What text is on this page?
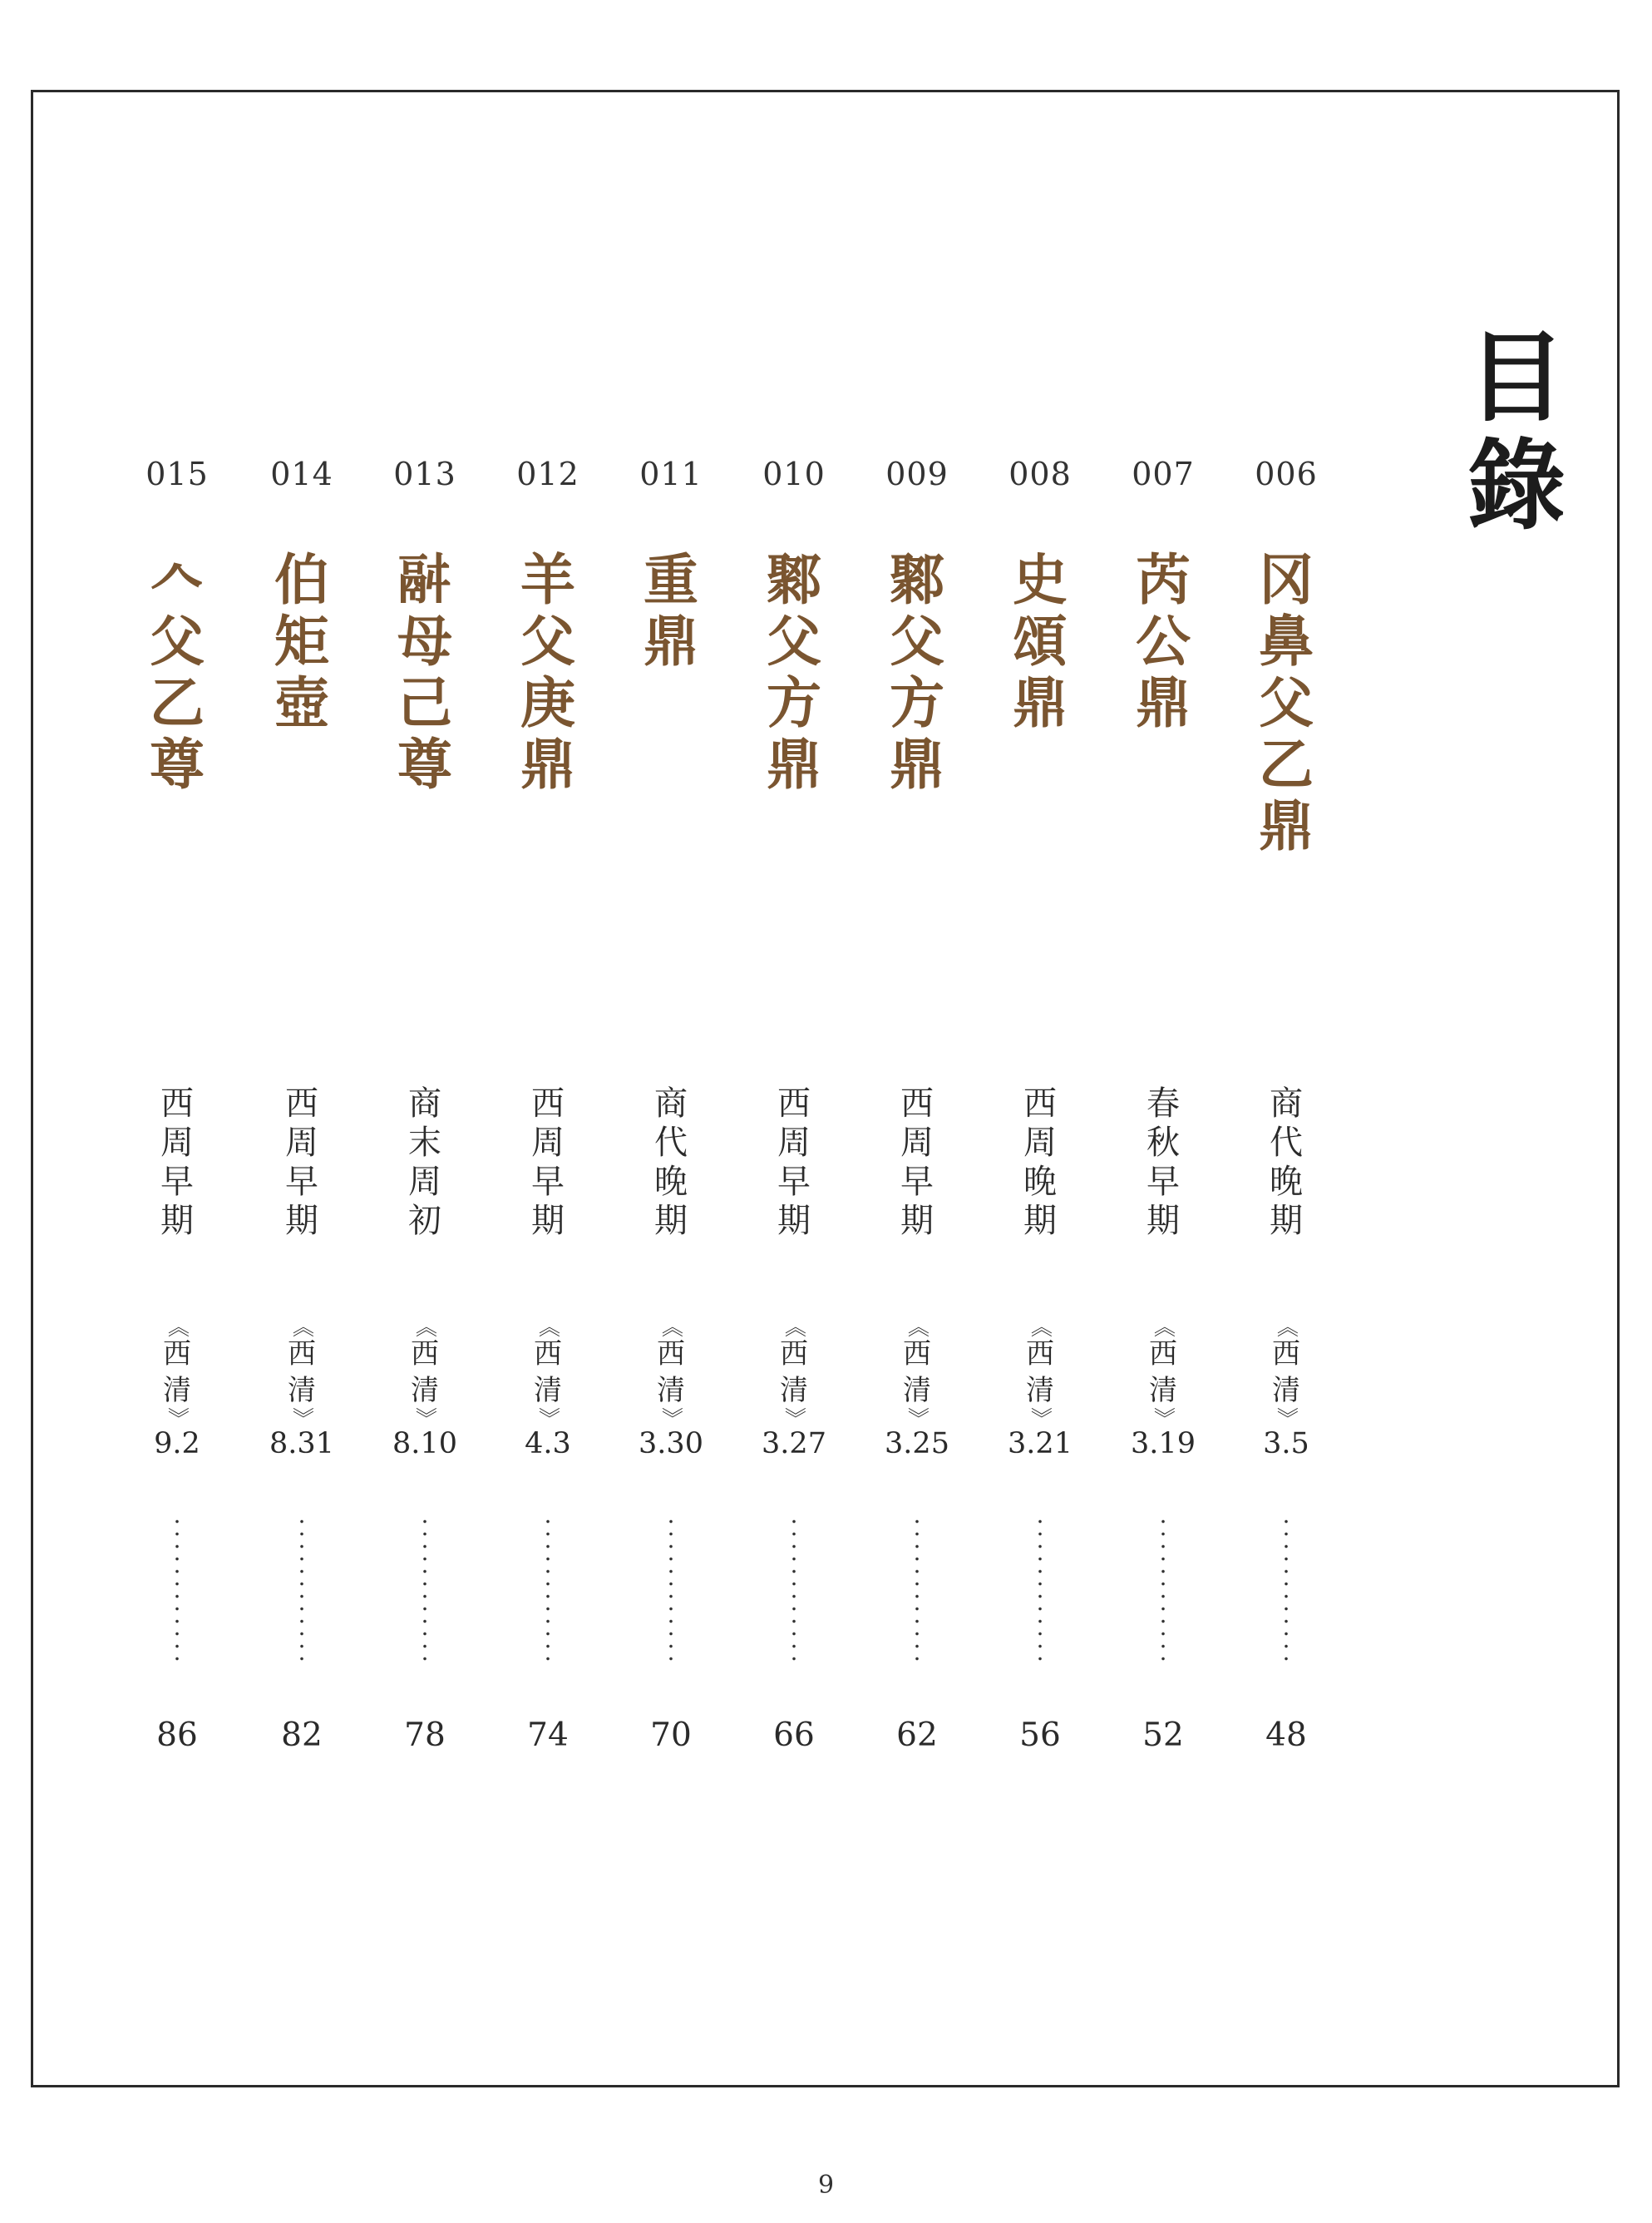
目
錄
006
冈
鼻
父
乙
鼎
商
代
晚
期
《
西
清
》
3.5
48
007
芮
公
鼎
春
秋
早
期
《
西
清
》
3.19
52
008
史
頌
鼎
西
周
晚
期
《
西
清
》
3.21
56
009
鄹
父
方
鼎
西
周
早
期
《
西
清
》
3.25
62
010
鄹
父
方
鼎
西
周
早
期
《
西
清
》
3.27
66
011
重
鼎
商
代
晚
期
《
西
清
》
3.30
70
012
羊
父
庚
鼎
西
周
早
期
《
西
清
》
4.3
74
013
𩰫
母
己
尊
商
末
周
初
《
西
清
》
8.10
78
014
伯
矩
壺
西
周
早
期
《
西
清
》
8.31
82
015
𠆢
父
乙
尊
西
周
早
期
《
西
清
》
9.2
86
9
